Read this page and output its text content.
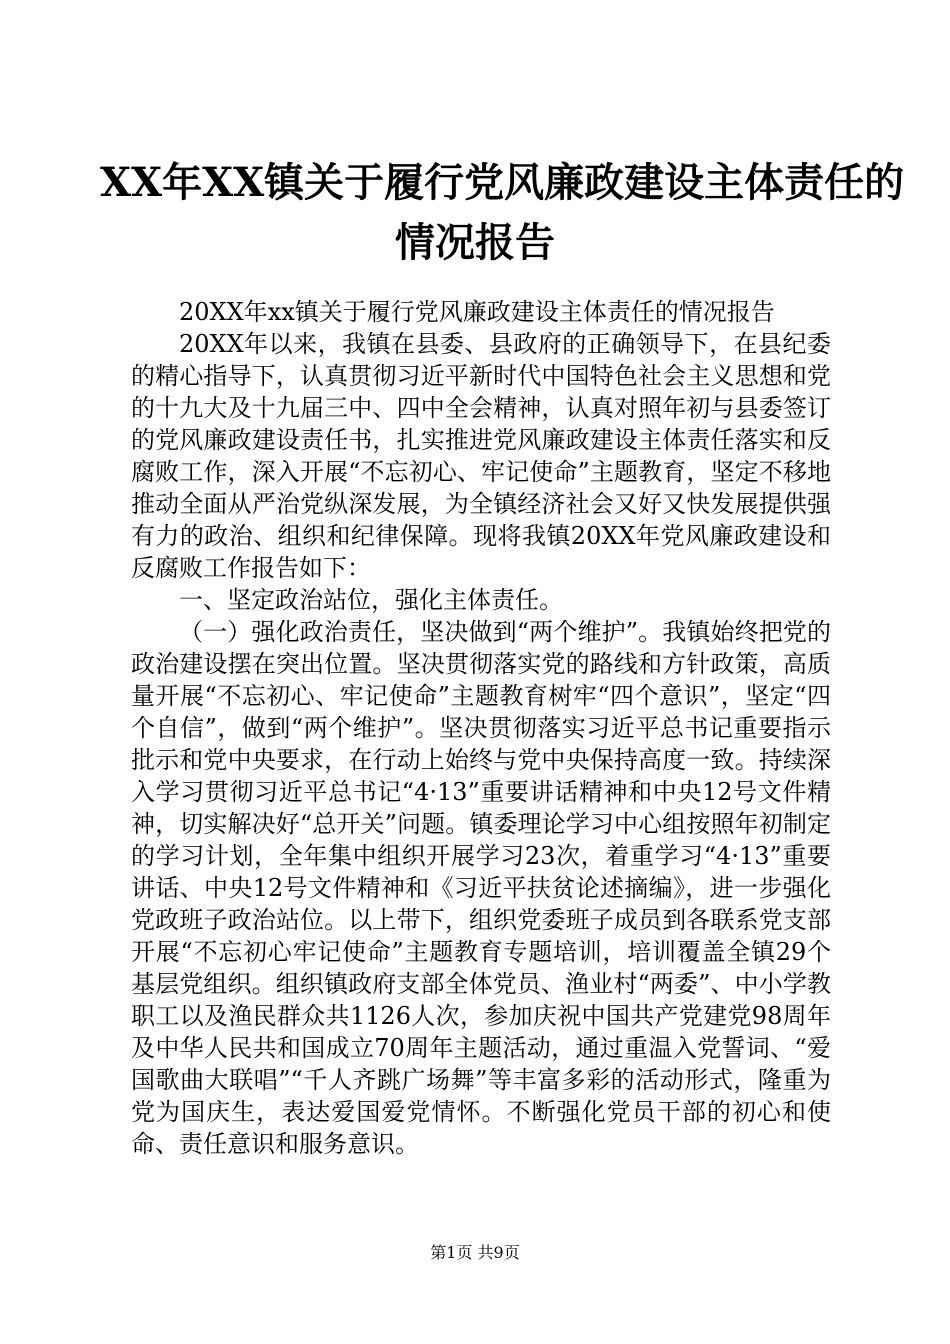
XX年XX镇关于履行党风廉政建设主体责任的
情况报告

20XX年xx镇关于履行党风廉政建设主体责任的情况报告

20XX年以来，我镇在县委、县政府的正确领导下，在县纪委的精心指导下，认真贯彻习近平新时代中国特色社会主义思想和党的十九大及十九届三中、四中全会精神，认真对照年初与县委签订的党风廉政建设责任书，扎实推进党风廉政建设主体责任落实和反腐败工作，深入开展“不忘初心、牢记使命”主题教育，坚定不移地推动全面从严治党纵深发展，为全镇经济社会又好又快发展提供强有力的政治、组织和纪律保障。现将我镇20XX年党风廉政建设和反腐败工作报告如下：

一、坚定政治站位，强化主体责任。

（一）强化政治责任，坚决做到“两个维护”。我镇始终把党的政治建设摆在突出位置。坚决贯彻落实党的路线和方针政策，高质量开展“不忘初心、牢记使命”主题教育树牢“四个意识”，坚定“四个自信”，做到“两个维护”。坚决贯彻落实习近平总书记重要指示批示和党中央要求，在行动上始终与党中央保持高度一致。持续深入学习贯彻习近平总书记“4·13”重要讲话精神和中央12号文件精神，切实解决好“总开关”问题。镇委理论学习中心组按照年初制定的学习计划，全年集中组织开展学习23次，着重学习“4·13”重要讲话、中央12号文件精神和《习近平扶贫论述摘编》，进一步强化党政班子政治站位。以上带下，组织党委班子成员到各联系党支部开展“不忘初心牢记使命”主题教育专题培训，培训覆盖全镇29个基层党组织。组织镇政府支部全体党员、渔业村“两委”、中小学教职工以及渔民群众共1126人次，参加庆祝中国共产党建党98周年及中华人民共和国成立70周年主题活动，通过重温入党誓词、“爱国歌曲大联唱”“千人齐跳广场舞”等丰富多彩的活动形式，隆重为党为国庆生，表达爱国爱党情怀。不断强化党员干部的初心和使命、责任意识和服务意识。

第1页 共9页
